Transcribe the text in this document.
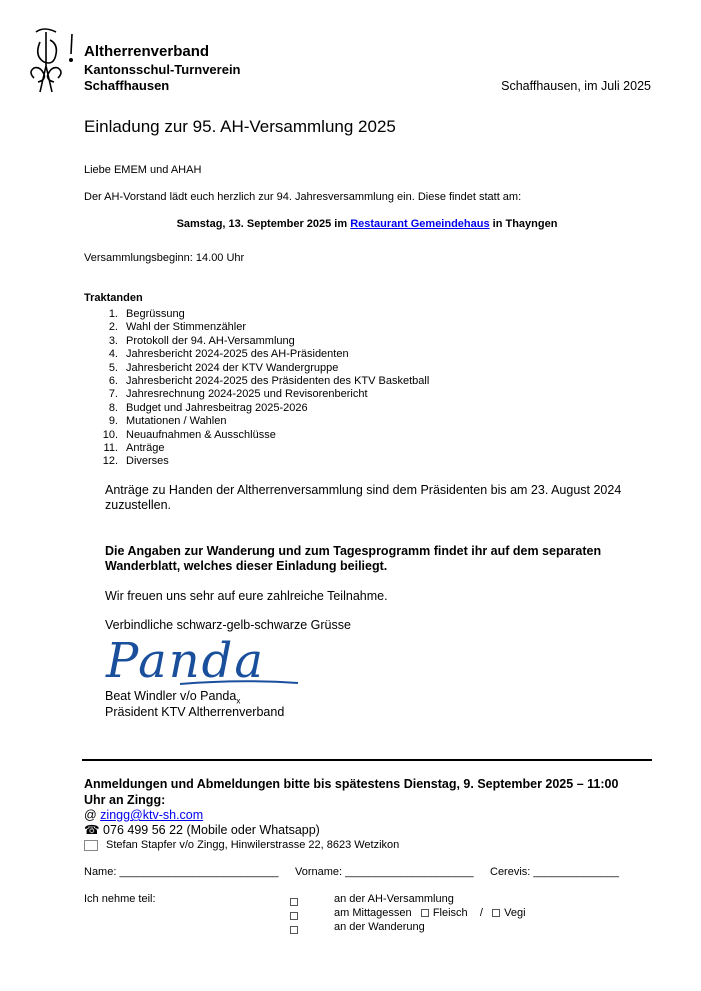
Altherrenverband
Kantonsschul-Turnverein
Schaffhausen	Schaffhausen, im Juli 2025
Einladung zur 95. AH-Versammlung 2025
Liebe EMEM und AHAH
Der AH-Vorstand lädt euch herzlich zur 94. Jahresversammlung ein. Diese findet statt am:
Samstag, 13. September 2025 im Restaurant Gemeindehaus in Thayngen
Versammlungsbeginn: 14.00 Uhr
Traktanden
1. Begrüssung
2. Wahl der Stimmenzähler
3. Protokoll der 94. AH-Versammlung
4. Jahresbericht 2024-2025 des AH-Präsidenten
5. Jahresbericht 2024 der KTV Wandergruppe
6. Jahresbericht 2024-2025 des Präsidenten des KTV Basketball
7. Jahresrechnung 2024-2025 und Revisorenbericht
8. Budget und Jahresbeitrag 2025-2026
9. Mutationen / Wahlen
10. Neuaufnahmen & Ausschlüsse
11. Anträge
12. Diverses
Anträge zu Handen der Altherrenversammlung sind dem Präsidenten bis am 23. August 2024
zuzustellen.
Die Angaben zur Wanderung und zum Tagesprogramm findet ihr auf dem separaten
Wanderblatt, welches dieser Einladung beiliegt.
Wir freuen uns sehr auf eure zahlreiche Teilnahme.
Verbindliche schwarz-gelb-schwarze Grüsse
Panda
Beat Windler v/o Panda$_x$
Präsident KTV Altherrenverband
Anmeldungen und Abmeldungen bitte bis spätestens Dienstag, 9. September 2025 – 11:00
Uhr an Zingg:
@ zingg@ktv-sh.com
☎ 076 499 56 22 (Mobile oder Whatsapp)
Stefan Stapfer v/o Zingg, Hinwilerstrasse 22, 8623 Wetzikon
Name: __________________________ Vorname: _____________________ Cerevis: ______________
Ich nehme teil:	an der AH-Versammlung
am Mittagessen Fleisch / Vegi
an der Wanderung
